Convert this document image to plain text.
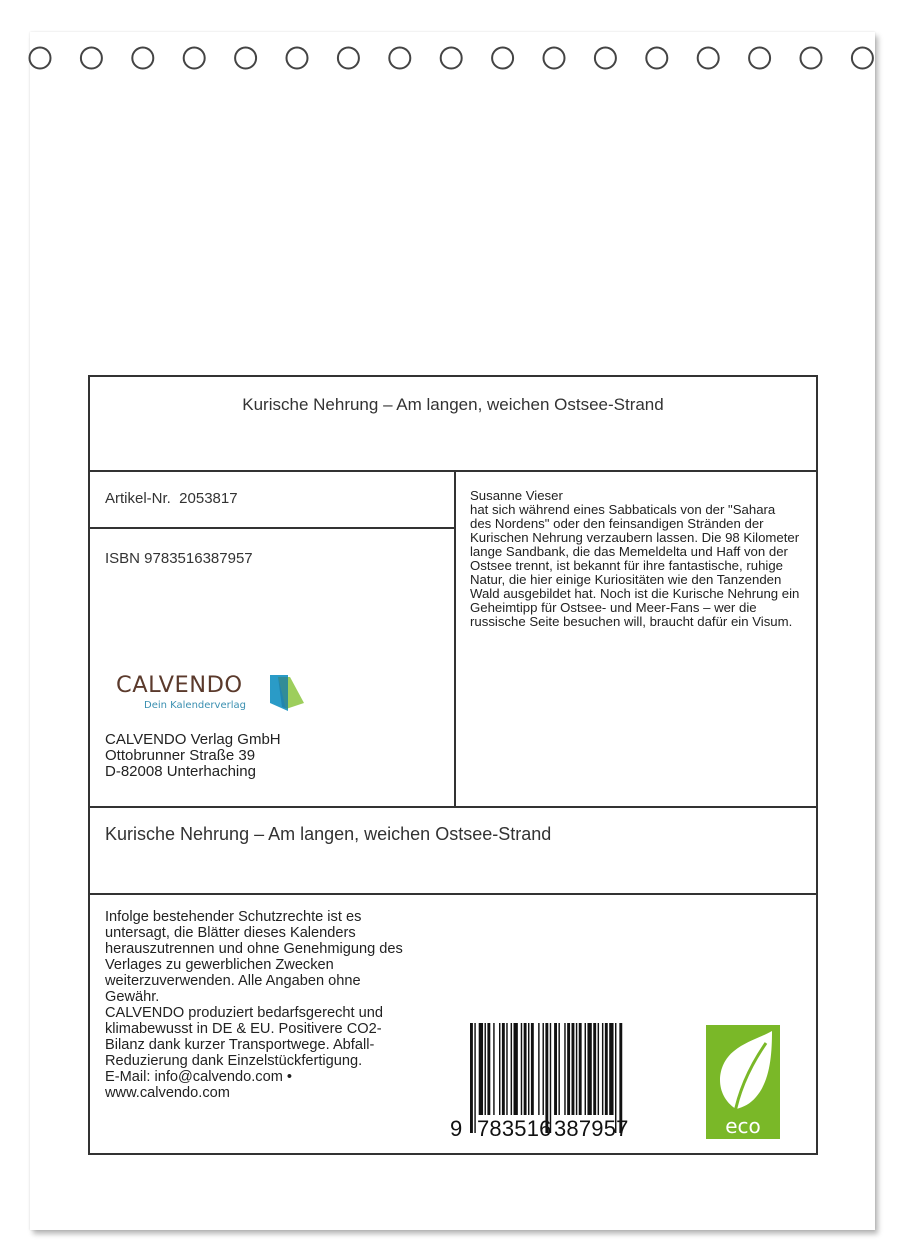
Kurische Nehrung – Am langen, weichen Ostsee-Strand
Artikel-Nr.  2053817
ISBN 9783516387957
CALVENDO
Dein Kalenderverlag
CALVENDO Verlag GmbH
Ottobrunner Straße 39
D-82008 Unterhaching
Susanne Vieser
hat sich während eines Sabbaticals von der "Sahara des Nordens" oder den feinsandigen Stränden der Kurischen Nehrung verzaubern lassen. Die 98 Kilometer lange Sandbank, die das Memeldelta und Haff von der Ostsee trennt, ist bekannt für ihre fantastische, ruhige Natur, die hier einige Kuriositäten wie den Tanzenden Wald ausgebildet hat. Noch ist die Kurische Nehrung ein Geheimtipp für Ostsee- und Meer-Fans – wer die russische Seite besuchen will, braucht dafür ein Visum.
Kurische Nehrung – Am langen, weichen Ostsee-Strand
Infolge bestehender Schutzrechte ist es
untersagt, die Blätter dieses Kalenders
herauszutrennen und ohne Genehmigung des
Verlages zu gewerblichen Zwecken
weiterzuverwenden. Alle Angaben ohne
Gewähr.
CALVENDO produziert bedarfsgerecht und
klimabewusst in DE & EU. Positivere CO2-
Bilanz dank kurzer Transportwege. Abfall-
Reduzierung dank Einzelstückfertigung.
E-Mail: info@calvendo.com •
www.calvendo.com
9 783516 387957	eco
